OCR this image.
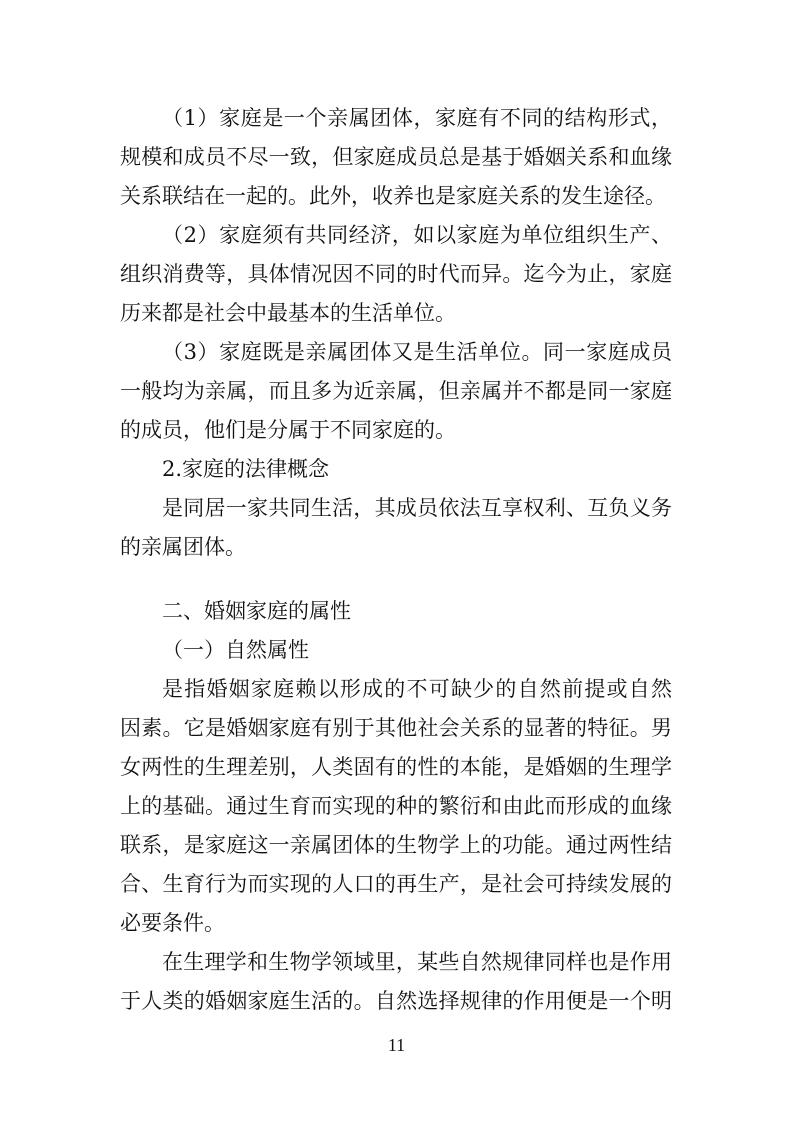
（1）家庭是一个亲属团体，家庭有不同的结构形式，
规模和成员不尽一致，但家庭成员总是基于婚姻关系和血缘
关系联结在一起的。此外，收养也是家庭关系的发生途径。
（2）家庭须有共同经济，如以家庭为单位组织生产、
组织消费等，具体情况因不同的时代而异。迄今为止，家庭
历来都是社会中最基本的生活单位。
（3）家庭既是亲属团体又是生活单位。同一家庭成员
一般均为亲属，而且多为近亲属，但亲属并不都是同一家庭
的成员，他们是分属于不同家庭的。
2.家庭的法律概念
是同居一家共同生活，其成员依法互享权利、互负义务
的亲属团体。
二、婚姻家庭的属性
（一）自然属性
是指婚姻家庭赖以形成的不可缺少的自然前提或自然
因素。它是婚姻家庭有别于其他社会关系的显著的特征。男
女两性的生理差别，人类固有的性的本能，是婚姻的生理学
上的基础。通过生育而实现的种的繁衍和由此而形成的血缘
联系，是家庭这一亲属团体的生物学上的功能。通过两性结
合、生育行为而实现的人口的再生产，是社会可持续发展的
必要条件。
在生理学和生物学领域里，某些自然规律同样也是作用
于人类的婚姻家庭生活的。自然选择规律的作用便是一个明
11
